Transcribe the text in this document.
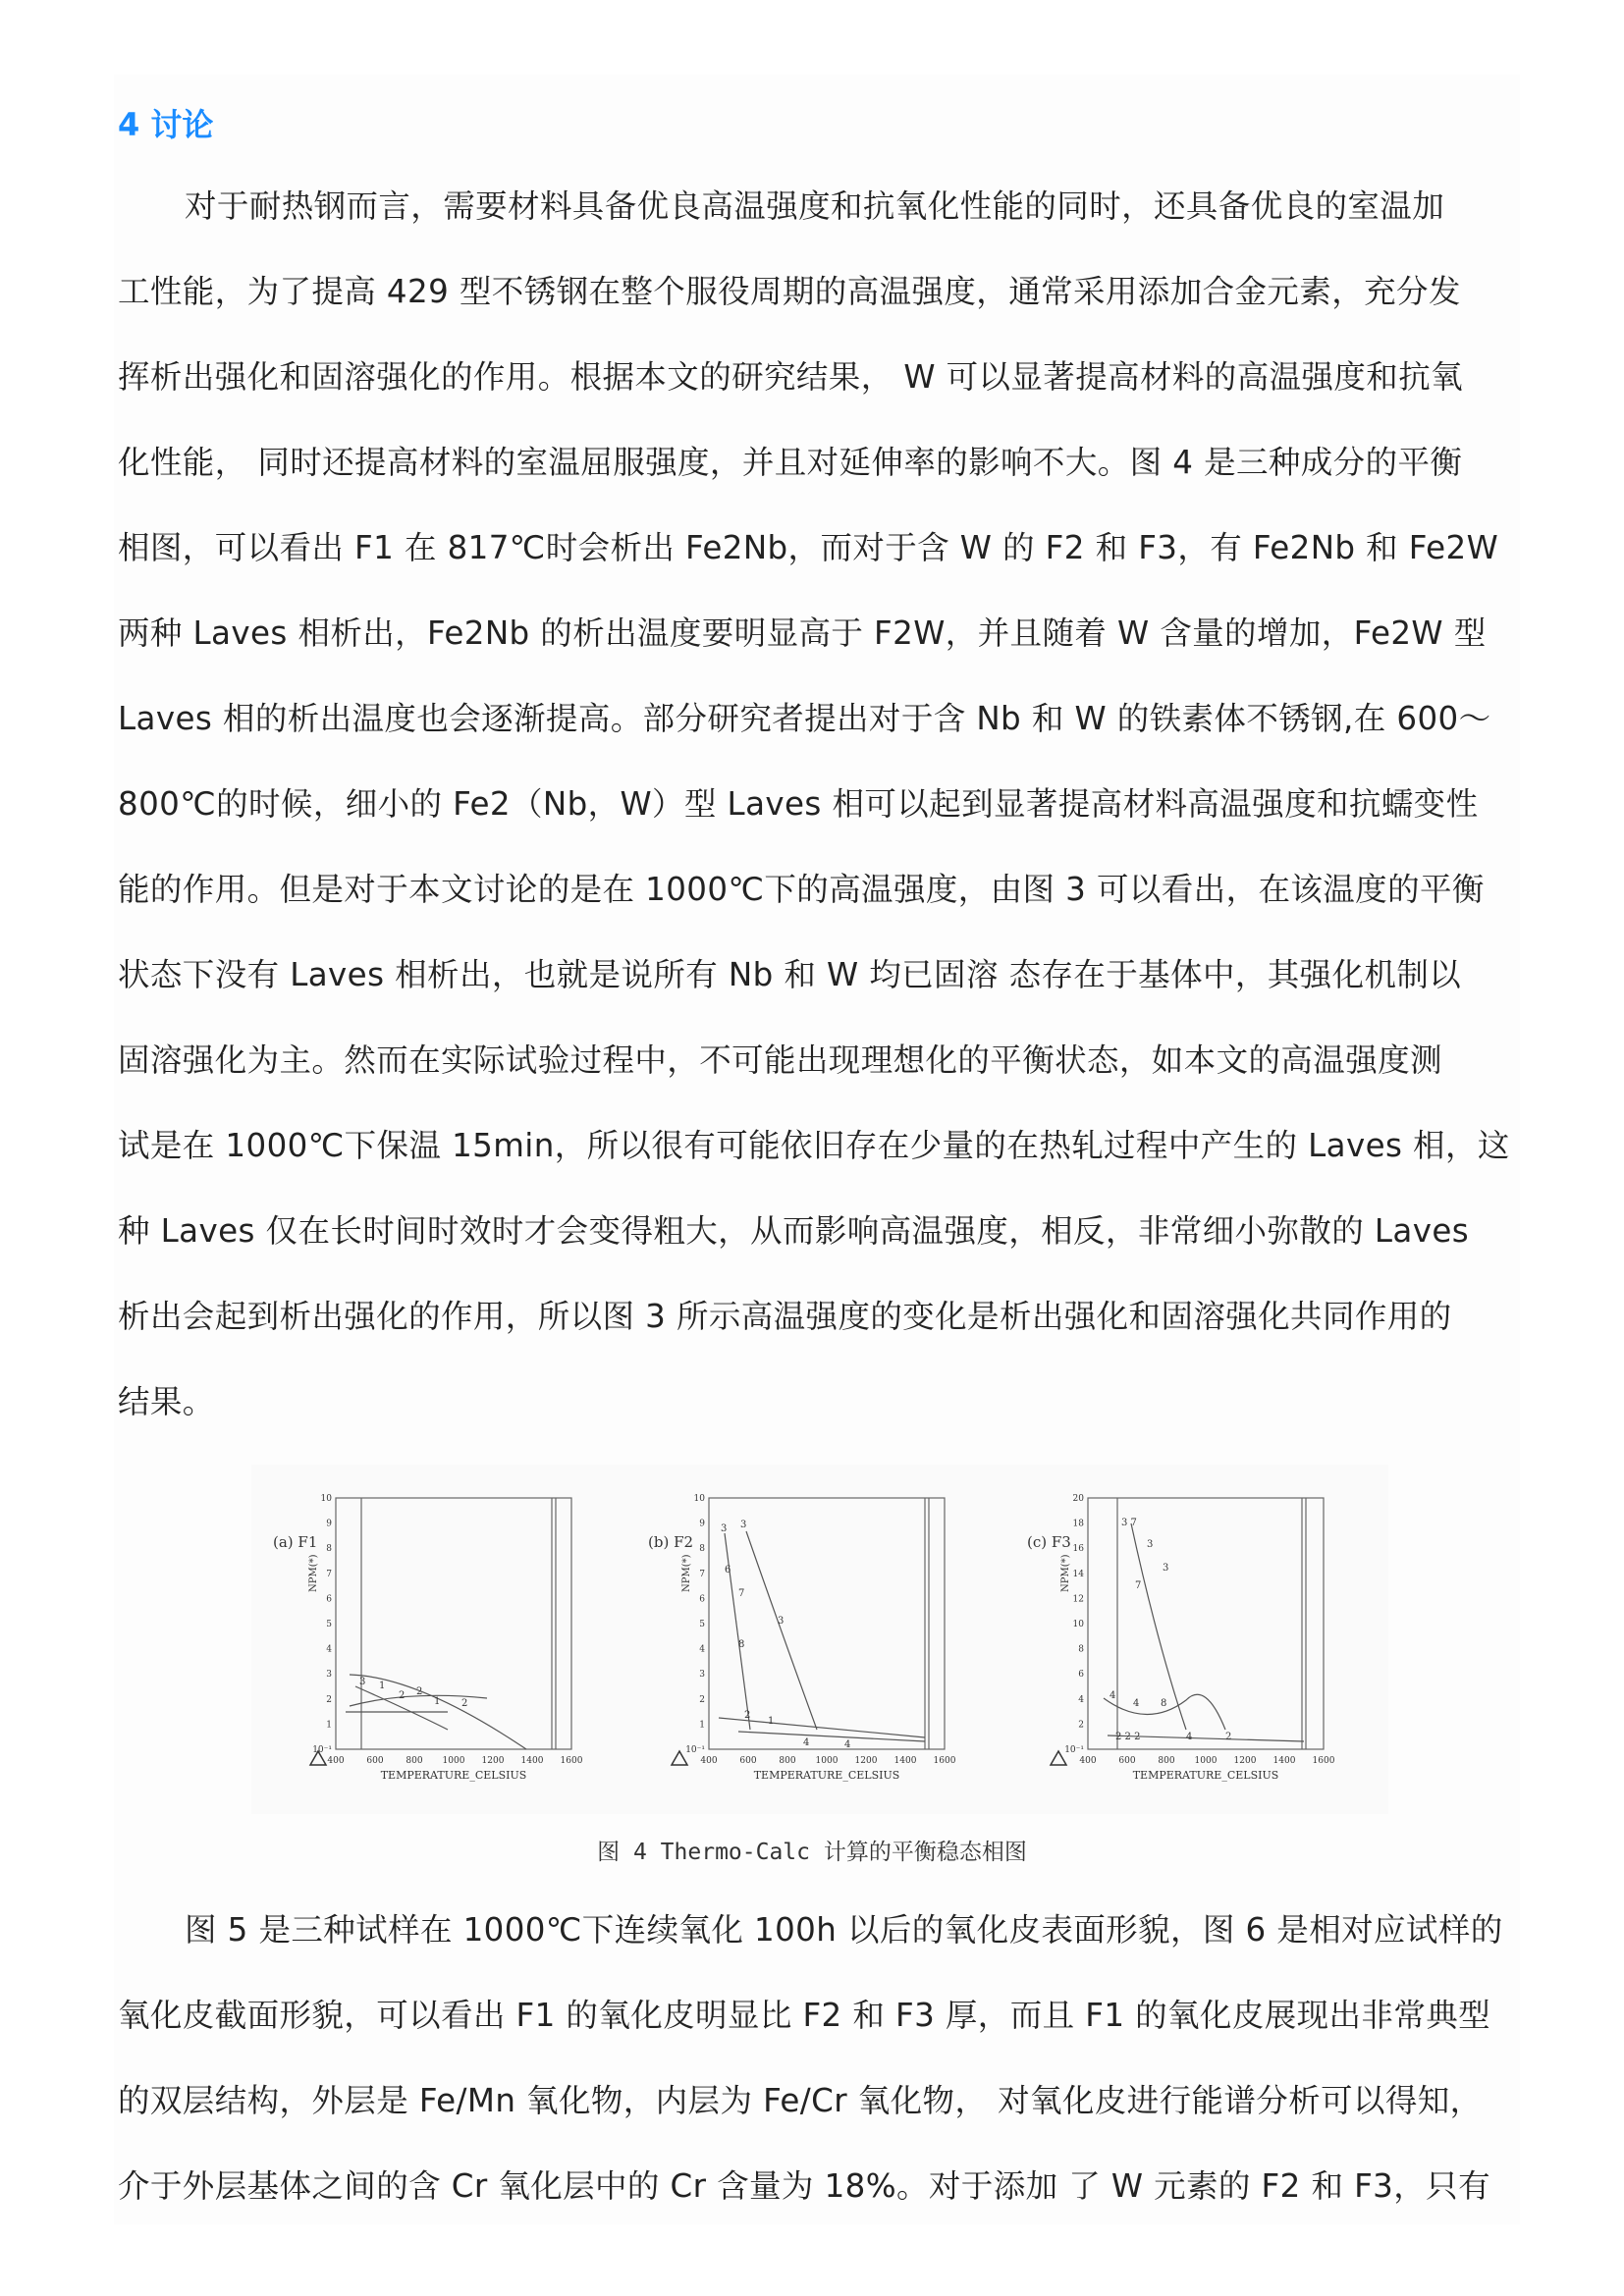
4 讨论
对于耐热钢而言，需要材料具备优良高温强度和抗氧化性能的同时，还具备优良的室温加
工性能，为了提高 429 型不锈钢在整个服役周期的高温强度，通常采用添加合金元素，充分发
挥析出强化和固溶强化的作用。根据本文的研究结果， W 可以显著提高材料的高温强度和抗氧
化性能， 同时还提高材料的室温屈服强度，并且对延伸率的影响不大。图 4 是三种成分的平衡
相图，可以看出 F1 在 817℃时会析出 Fe2Nb，而对于含 W 的 F2 和 F3，有 Fe2Nb 和 Fe2W
两种 Laves 相析出，Fe2Nb 的析出温度要明显高于 F2W，并且随着 W 含量的增加，Fe2W 型
Laves 相的析出温度也会逐渐提高。部分研究者提出对于含 Nb 和 W 的铁素体不锈钢,在 600～
800℃的时候，细小的 Fe2（Nb，W）型 Laves 相可以起到显著提高材料高温强度和抗蠕变性
能的作用。但是对于本文讨论的是在 1000℃下的高温强度，由图 3 可以看出，在该温度的平衡
状态下没有 Laves 相析出，也就是说所有 Nb 和 W 均已固溶 态存在于基体中，其强化机制以
固溶强化为主。然而在实际试验过程中，不可能出现理想化的平衡状态，如本文的高温强度测
试是在 1000℃下保温 15min，所以很有可能依旧存在少量的在热轧过程中产生的 Laves 相，这
种 Laves 仅在长时间时效时才会变得粗大，从而影响高温强度，相反，非常细小弥散的 Laves
析出会起到析出强化的作用，所以图 3 所示高温强度的变化是析出强化和固溶强化共同作用的
结果。
(a) F1
NPM(*)
10
9
8
7
6
5
4
3
2
1
10⁻¹
400	600	800 1000 1200 1400 1600
TEMPERATURE_CELSIUS
3 1
2 2
1 2
(b) F2
NPM(*)
10
9
8
7
6
5
4
3
2
1
10⁻¹
400	600	800 1000 1200 1400 1600
TEMPERATURE_CELSIUS
3 3
6
7
8
3
2
1
4	4
(c) F3
NPM(*)
20
18
16
14
12
10
8
6
4
2
10⁻¹
400	600	800 1000 1200 1400 1600
TEMPERATURE_CELSIUS
3 7
3
7
3
8
4
4
2 2 2	4	2
图 4 Thermo-Calc 计算的平衡稳态相图
图 5 是三种试样在 1000℃下连续氧化 100h 以后的氧化皮表面形貌，图 6 是相对应试样的
氧化皮截面形貌，可以看出 F1 的氧化皮明显比 F2 和 F3 厚，而且 F1 的氧化皮展现出非常典型
的双层结构，外层是 Fe/Mn 氧化物，内层为 Fe/Cr 氧化物， 对氧化皮进行能谱分析可以得知，
介于外层基体之间的含 Cr 氧化层中的 Cr 含量为 18%。对于添加 了 W 元素的 F2 和 F3，只有
